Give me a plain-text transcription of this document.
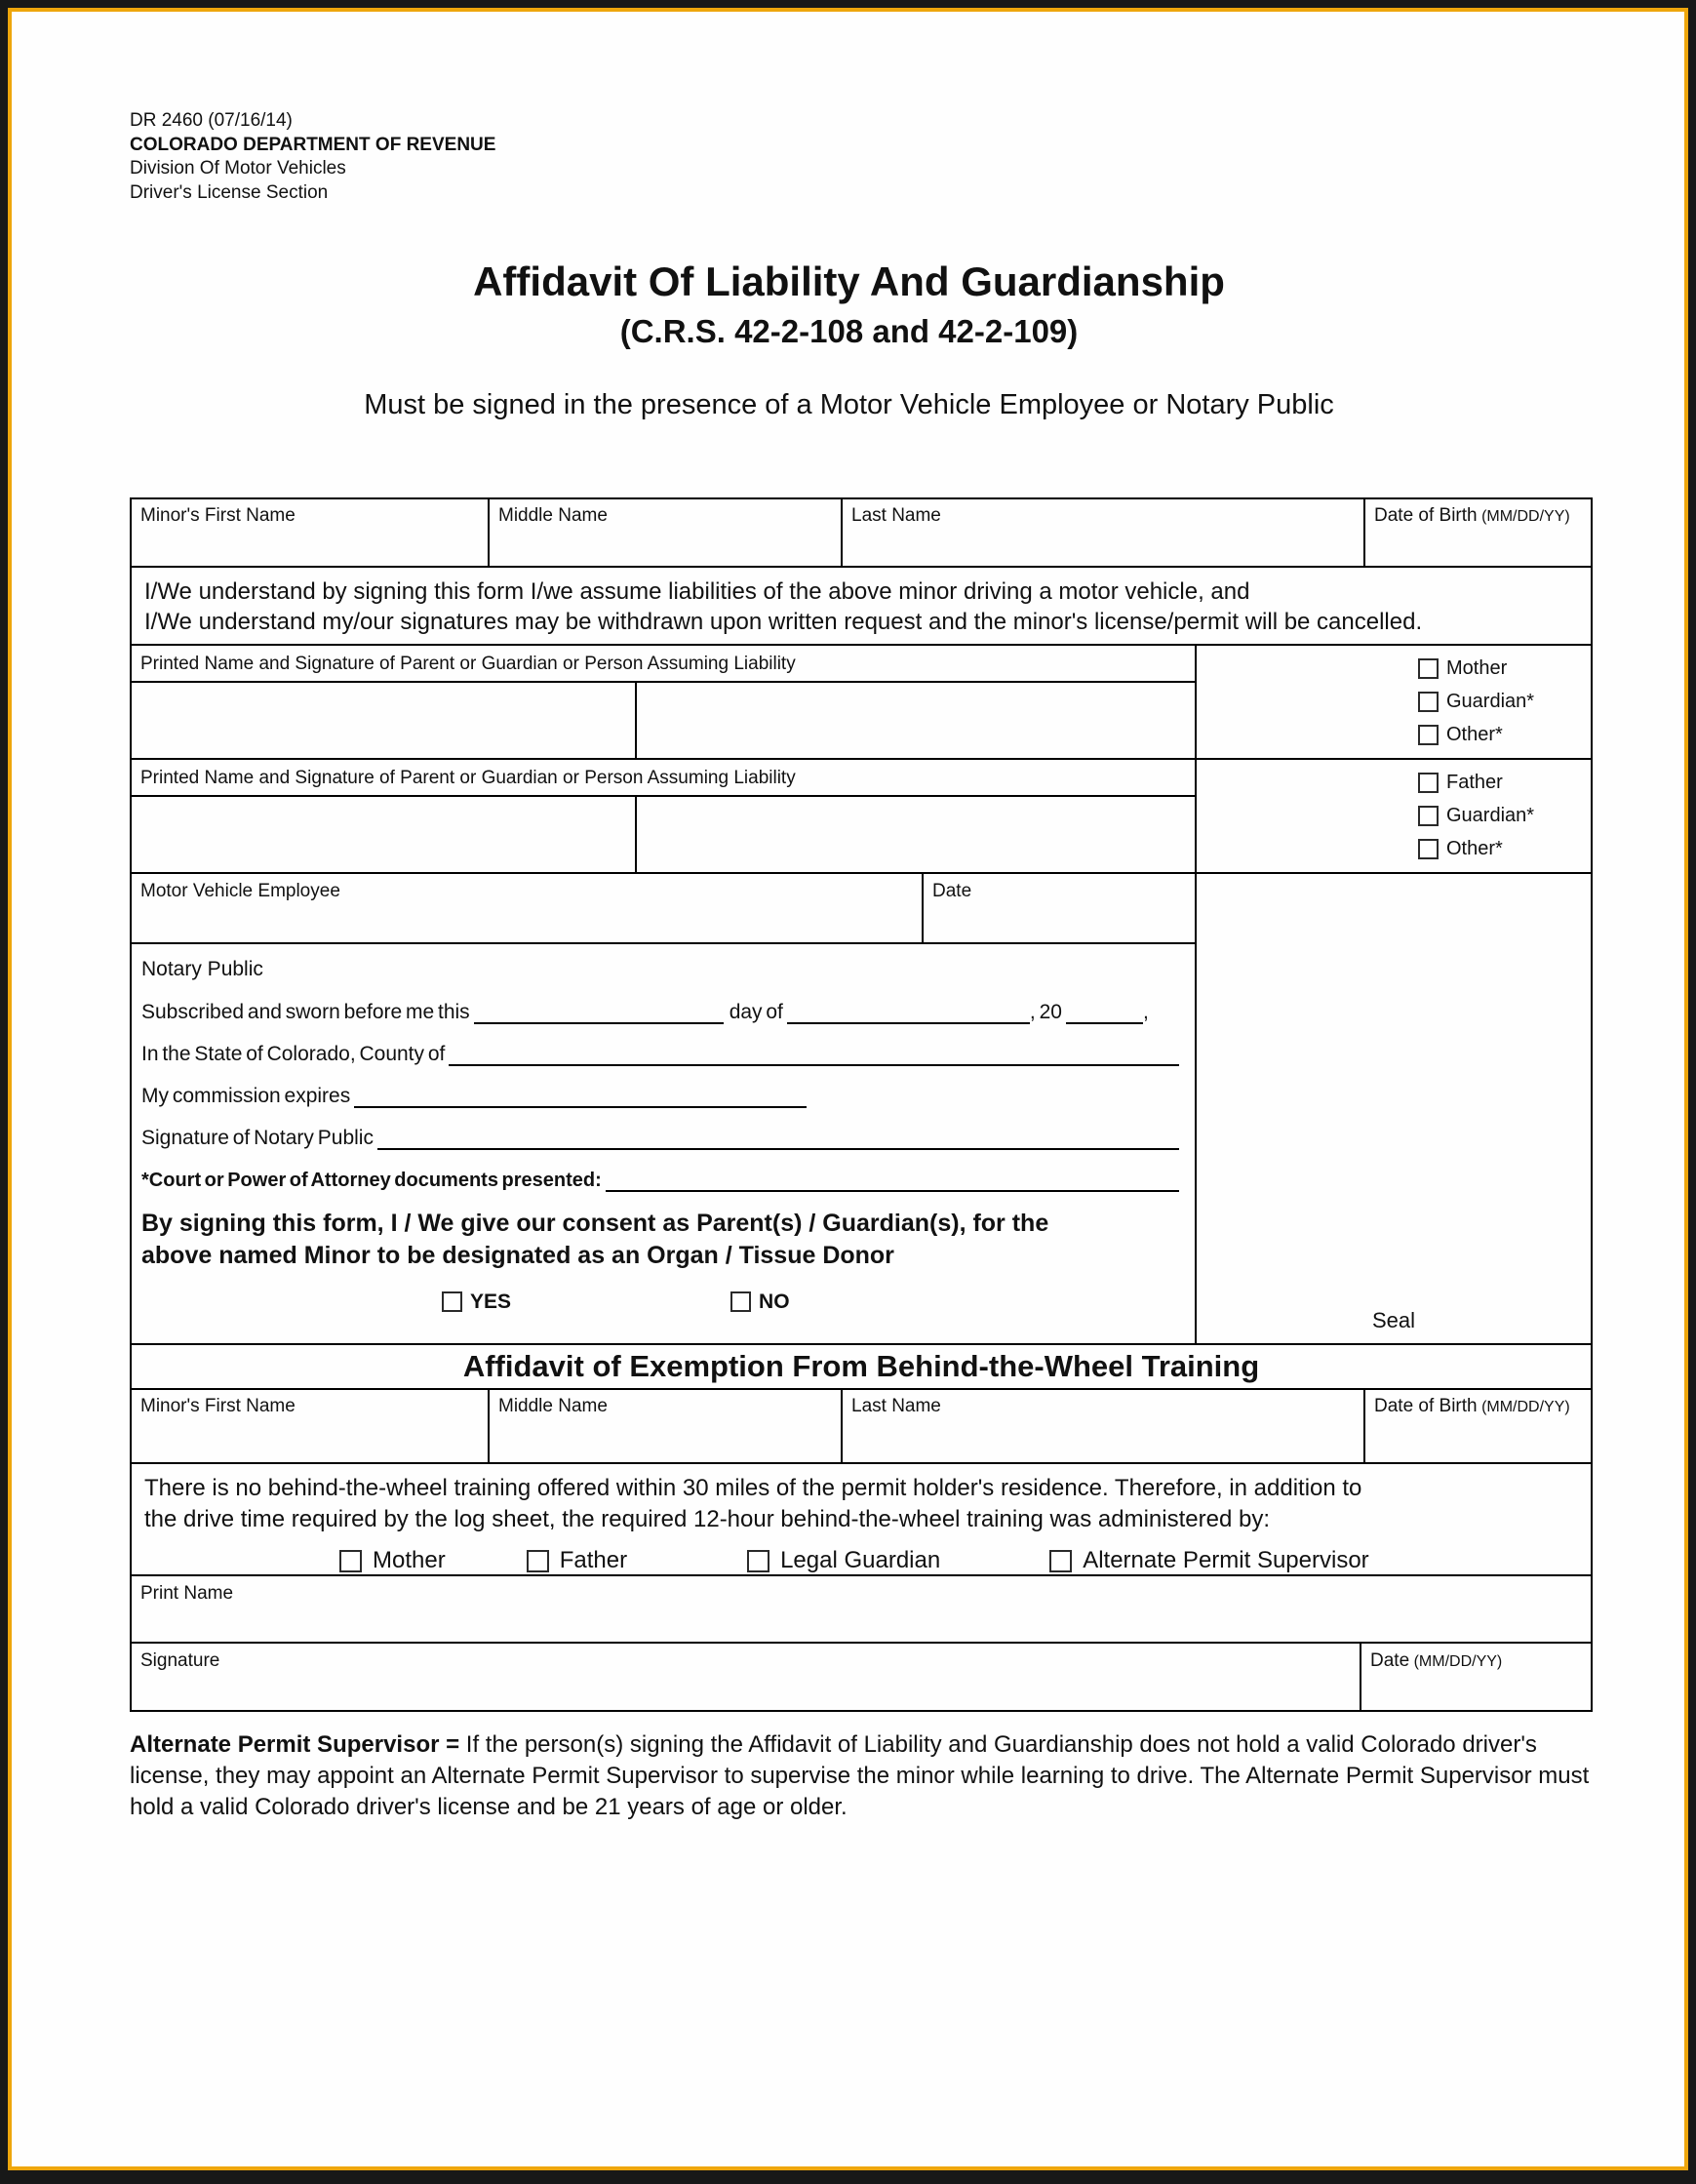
DR 2460 (07/16/14)
COLORADO DEPARTMENT OF REVENUE
Division Of Motor Vehicles
Driver's License Section
Affidavit Of Liability And Guardianship
(C.R.S. 42-2-108 and 42-2-109)
Must be signed in the presence of a Motor Vehicle Employee or Notary Public
Minor's First Name	Middle Name	Last Name	Date of Birth (MM/DD/YY)
I/We understand by signing this form I/we assume liabilities of the above minor driving a motor vehicle, and
I/We understand my/our signatures may be withdrawn upon written request and the minor's license/permit will be cancelled.
Printed Name and Signature of Parent or Guardian or Person Assuming Liability	Mother
Guardian*
Other*
Printed Name and Signature of Parent or Guardian or Person Assuming Liability	Father
Guardian*
Other*
Motor Vehicle Employee	Date
Notary Public
Subscribed and sworn before me this	day of	, 20	,
In the State of Colorado, County of
My commission expires
Signature of Notary Public
*Court or Power of Attorney documents presented:
By signing this form, I / We give our consent as Parent(s) / Guardian(s), for the
above named Minor to be designated as an Organ / Tissue Donor
YES	NO
Seal
Affidavit of Exemption From Behind-the-Wheel Training
Minor's First Name	Middle Name	Last Name	Date of Birth (MM/DD/YY)
There is no behind-the-wheel training offered within 30 miles of the permit holder's residence. Therefore, in addition to
the drive time required by the log sheet, the required 12-hour behind-the-wheel training was administered by:
Mother	Father	Legal Guardian	Alternate Permit Supervisor
Print Name
Signature	Date (MM/DD/YY)

Alternate Permit Supervisor = If the person(s) signing the Affidavit of Liability and Guardianship does not hold a valid Colorado driver's license, they may appoint an Alternate Permit Supervisor to supervise the minor while learning to drive. The Alternate Permit Supervisor must hold a valid Colorado driver's license and be 21 years of age or older.
